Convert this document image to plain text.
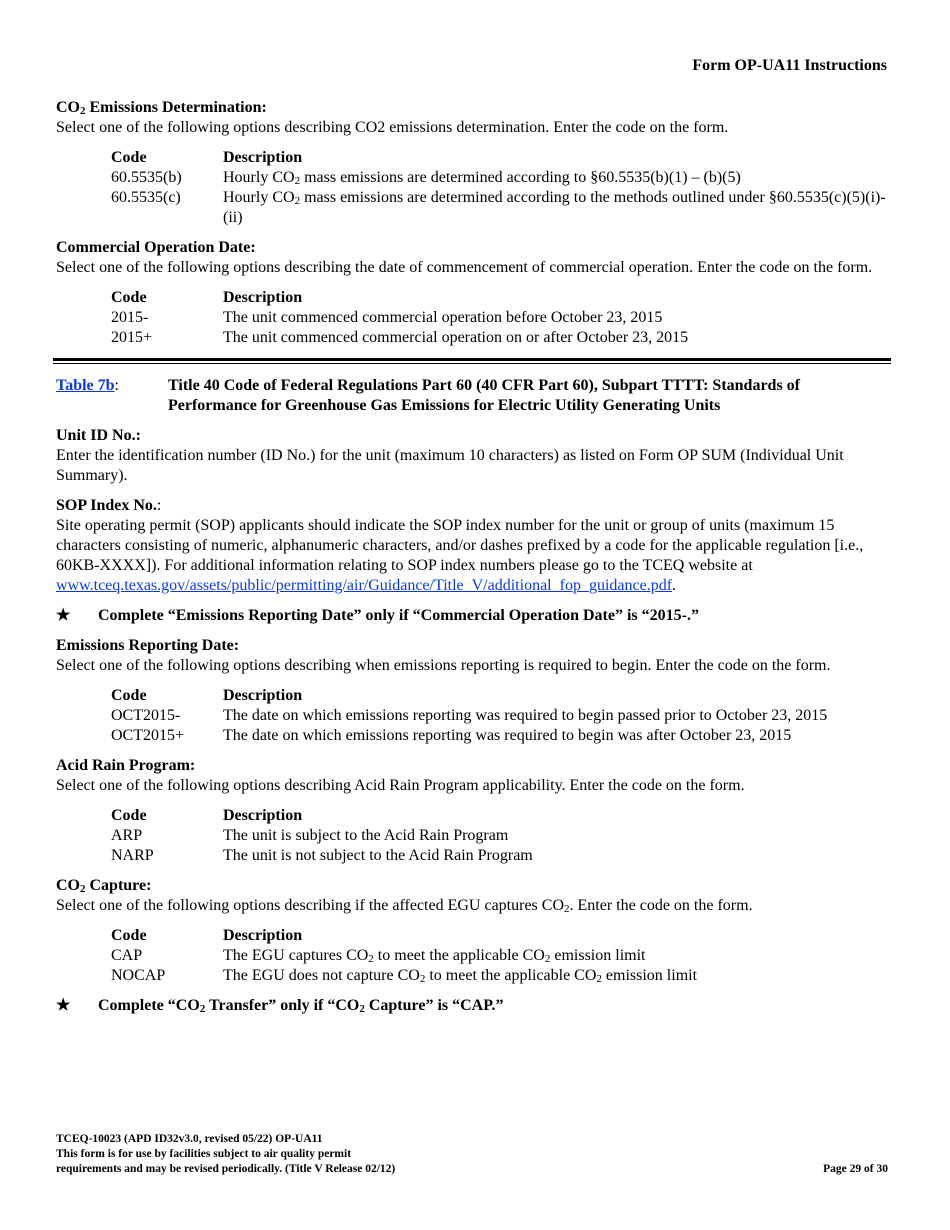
Form OP-UA11 Instructions
$CO_2$ Emissions Determination:

Select one of the following options describing CO2 emissions determination. Enter the code on the form.

Code	Description
60.5535(b)	Hourly $CO_2$ mass emissions are determined according to §60.5535(b)(1) – (b)(5)
60.5535(c)	Hourly $CO_2$ mass emissions are determined according to the methods outlined under §60.5535(c)(5)(i)-(ii)
Commercial Operation Date:

Select one of the following options describing the date of commencement of commercial operation. Enter the code on the form.

Code	Description
2015-	The unit commenced commercial operation before October 23, 2015
2015+	The unit commenced commercial operation on or after October 23, 2015
Table 7b:	Title 40 Code of Federal Regulations Part 60 (40 CFR Part 60), Subpart TTTT: Standards of Performance for Greenhouse Gas Emissions for Electric Utility Generating Units
Unit ID No.:

Enter the identification number (ID No.) for the unit (maximum 10 characters) as listed on Form OP SUM (Individual Unit Summary).

SOP Index No.:

Site operating permit (SOP) applicants should indicate the SOP index number for the unit or group of units (maximum 15 characters consisting of numeric, alphanumeric characters, and/or dashes prefixed by a code for the applicable regulation [i.e., 60KB-XXXX]). For additional information relating to SOP index numbers please go to the TCEQ website at www.tceq.texas.gov/assets/public/permitting/air/Guidance/Title_V/additional_fop_guidance.pdf.

★	Complete “Emissions Reporting Date” only if “Commercial Operation Date” is “2015-.”
Emissions Reporting Date:

Select one of the following options describing when emissions reporting is required to begin. Enter the code on the form.

Code	Description
OCT2015-	The date on which emissions reporting was required to begin passed prior to October 23, 2015
OCT2015+	The date on which emissions reporting was required to begin was after October 23, 2015
Acid Rain Program:

Select one of the following options describing Acid Rain Program applicability. Enter the code on the form.

Code	Description
ARP	The unit is subject to the Acid Rain Program
NARP	The unit is not subject to the Acid Rain Program
$CO_2$ Capture:

Select one of the following options describing if the affected EGU captures $CO_2$. Enter the code on the form.

Code	Description
CAP	The EGU captures $CO_2$ to meet the applicable $CO_2$ emission limit
NOCAP	The EGU does not capture $CO_2$ to meet the applicable $CO_2$ emission limit
★	Complete “$CO_2$ Transfer” only if “$CO_2$ Capture” is “CAP.”
TCEQ-10023 (APD ID32v3.0, revised 05/22) OP-UA11
This form is for use by facilities subject to air quality permit
requirements and may be revised periodically. (Title V Release 02/12)	Page 29 of 30
